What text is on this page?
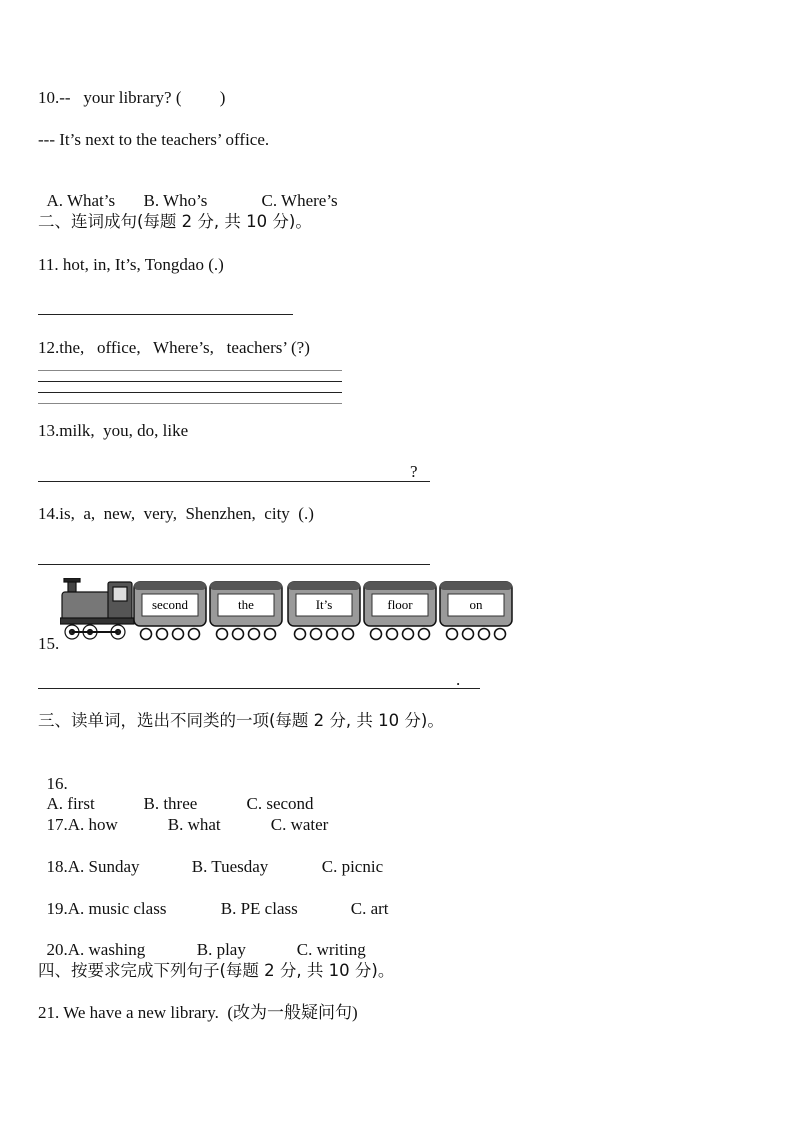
10.--   your library? (         )
--- It’s next to the teachers’ office.

A. What’s B. Who’s	C. Where’s

二、连词成句(每题 2 分, 共 10 分)。
11. hot, in, It’s, Tongdao (.)
12.the,   office,   Where’s,   teachers’ (?)
13.milk,  you, do, like
?
14.is,  a,  new,  very,  Shenzhen,  city  (.)
15.
second	the	It’s	floor	on
.
三、读单词，选出不同类的一项(每题 2 分, 共 10 分)。

16.
A. first	B. three	C. second

17.A. how	B. what	C. water

18.A. Sunday	B. Tuesday	C. picnic

19.A. music class	B. PE class	C. art

20.A. washing	B. play	C. writing

四、按要求完成下列句子(每题 2 分, 共 10 分)。
21. We have a new library.  (改为一般疑问句)
